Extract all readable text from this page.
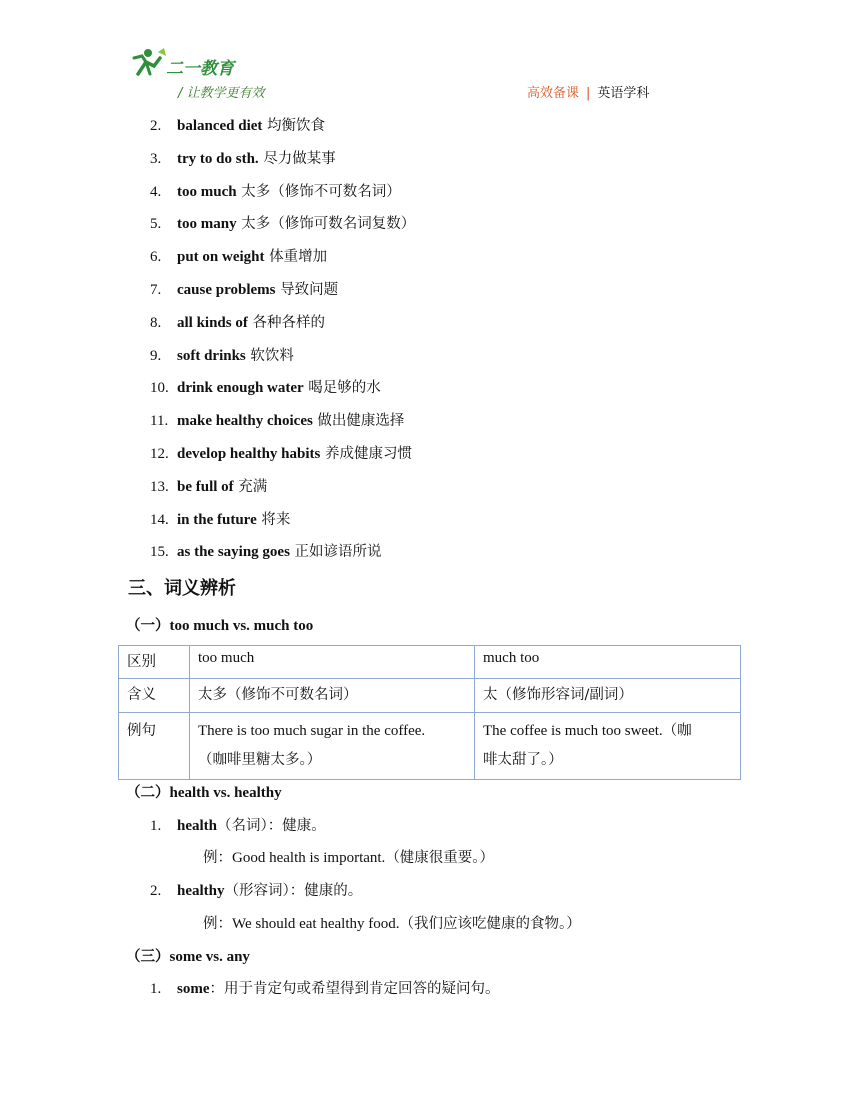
二一教育
/ 让教学更有效	高效备课 | 英语学科
2. balanced diet 均衡饮食
3. try to do sth. 尽力做某事
4. too much 太多（修饰不可数名词）
5. too many 太多（修饰可数名词复数）
6. put on weight 体重增加
7. cause problems 导致问题
8. all kinds of 各种各样的
9. soft drinks 软饮料
10. drink enough water 喝足够的水
11. make healthy choices 做出健康选择
12. develop healthy habits 养成健康习惯
13. be full of 充满
14. in the future 将来
15. as the saying goes 正如谚语所说
三、词义辨析
（一）too much vs. much too
区别	too much	much too
含义	太多（修饰不可数名词）	太（修饰形容词/副词）
例句	There is too much sugar in the coffee.
（咖啡里糖太多。）	The coffee is much too sweet.（咖
啡太甜了。）
（二）health vs. healthy
1. health（名词）：健康。
例：Good health is important.（健康很重要。）
2. healthy（形容词）：健康的。
例：We should eat healthy food.（我们应该吃健康的食物。）
（三）some vs. any
1. some：用于肯定句或希望得到肯定回答的疑问句。
